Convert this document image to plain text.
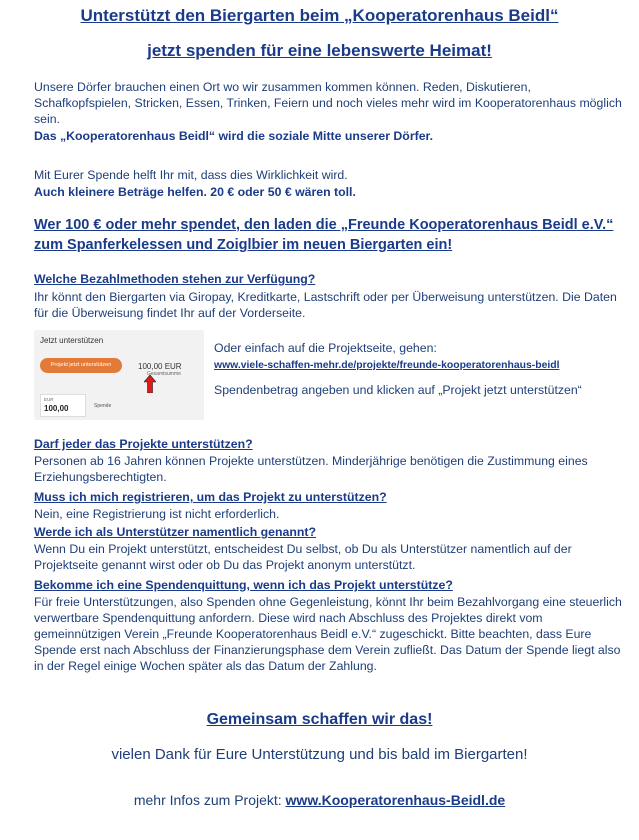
Unterstützt den Biergarten beim „Kooperatorenhaus Beidl“
jetzt spenden für eine lebenswerte Heimat!
Unsere Dörfer brauchen einen Ort wo wir zusammen kommen können. Reden, Diskutieren, Schafkopfspielen, Stricken, Essen, Trinken, Feiern und noch vieles mehr wird im Kooperatorenhaus möglich sein.
Das „Kooperatorenhaus Beidl“ wird die soziale Mitte unserer Dörfer.
Mit Eurer Spende helft Ihr mit, dass dies Wirklichkeit wird.
Auch kleinere Beträge helfen. 20 € oder 50 € wären toll.
Wer 100 € oder mehr spendet, den laden die „Freunde Kooperatorenhaus Beidl e.V.“ zum Spanferkelessen und Zoiglbier im neuen Biergarten ein!
Welche Bezahlmethoden stehen zur Verfügung?
Ihr könnt den Biergarten via Giropay, Kreditkarte, Lastschrift oder per Überweisung unterstützen. Die Daten für die Überweisung findet Ihr auf der Vorderseite.
Jetzt unterstützen
Projekt jetzt unterstützen	100,00 EUR
Gesamtsumme
EUR
100,00	Spende
Oder einfach auf die Projektseite, gehen:
www.viele-schaffen-mehr.de/projekte/freunde-kooperatorenhaus-beidl
Spendenbetrag angeben und klicken auf „Projekt jetzt unterstützen“
Darf jeder das Projekte unterstützen?
Personen ab 16 Jahren können Projekte unterstützen. Minderjährige benötigen die Zustimmung eines Erziehungsberechtigten.
Muss ich mich registrieren, um das Projekt zu unterstützen?
Nein, eine Registrierung ist nicht erforderlich.
Werde ich als Unterstützer namentlich genannt?
Wenn Du ein Projekt unterstützt, entscheidest Du selbst, ob Du als Unterstützer namentlich auf der Projektseite genannt wirst oder ob Du das Projekt anonym unterstützt.
Bekomme ich eine Spendenquittung, wenn ich das Projekt unterstütze?
Für freie Unterstützungen, also Spenden ohne Gegenleistung, könnt Ihr beim Bezahlvorgang eine steuerlich verwertbare Spendenquittung anfordern. Diese wird nach Abschluss des Projektes direkt vom gemeinnützigen Verein „Freunde Kooperatorenhaus Beidl e.V.“ zugeschickt. Bitte beachten, dass Eure Spende erst nach Abschluss der Finanzierungsphase dem Verein zufließt. Das Datum der Spende liegt also in der Regel einige Wochen später als das Datum der Zahlung.
Gemeinsam schaffen wir das!
vielen Dank für Eure Unterstützung und bis bald im Biergarten!
mehr Infos zum Projekt: www.Kooperatorenhaus-Beidl.de
